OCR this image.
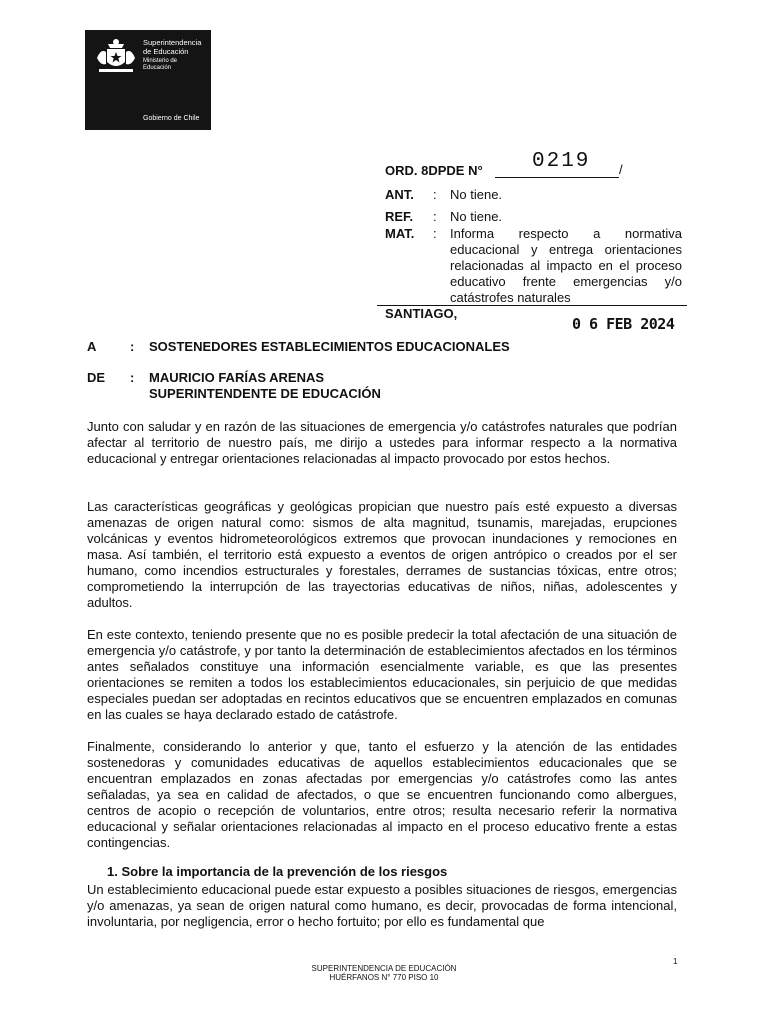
Superintendencia
de Educación
Ministerio de Educación
Gobierno de Chile
ORD. 8DPDE N° 0219 /
ANT. : No tiene.
REF. : No tiene.
MAT. : Informa respecto a normativa educacional y entrega orientaciones relacionadas al impacto en el proceso educativo frente emergencias y/o catástrofes naturales
SANTIAGO,
0 6 FEB 2024
A	: SOSTENEDORES ESTABLECIMIENTOS EDUCACIONALES
DE : MAURICIO FARÍAS ARENAS
SUPERINTENDENTE DE EDUCACIÓN

Junto con saludar y en razón de las situaciones de emergencia y/o catástrofes naturales que podrían afectar al territorio de nuestro país, me dirijo a ustedes para informar respecto a la normativa educacional y entregar orientaciones relacionadas al impacto provocado por estos hechos.

Las características geográficas y geológicas propician que nuestro país esté expuesto a diversas amenazas de origen natural como: sismos de alta magnitud, tsunamis, marejadas, erupciones volcánicas y eventos hidrometeorológicos extremos que provocan inundaciones y remociones en masa. Así también, el territorio está expuesto a eventos de origen antrópico o creados por el ser humano, como incendios estructurales y forestales, derrames de sustancias tóxicas, entre otros; comprometiendo la interrupción de las trayectorias educativas de niños, niñas, adolescentes y adultos.

En este contexto, teniendo presente que no es posible predecir la total afectación de una situación de emergencia y/o catástrofe, y por tanto la determinación de establecimientos afectados en los términos antes señalados constituye una información esencialmente variable, es que las presentes orientaciones se remiten a todos los establecimientos educacionales, sin perjuicio de que medidas especiales puedan ser adoptadas en recintos educativos que se encuentren emplazados en comunas en las cuales se haya declarado estado de catástrofe.

Finalmente, considerando lo anterior y que, tanto el esfuerzo y la atención de las entidades sostenedoras y comunidades educativas de aquellos establecimientos educacionales que se encuentran emplazados en zonas afectadas por emergencias y/o catástrofes como las antes señaladas, ya sea en calidad de afectados, o que se encuentren funcionando como albergues, centros de acopio o recepción de voluntarios, entre otros; resulta necesario referir la normativa educacional y señalar orientaciones relacionadas al impacto en el proceso educativo frente a estas contingencias.

1. Sobre la importancia de la prevención de los riesgos

Un establecimiento educacional puede estar expuesto a posibles situaciones de riesgos, emergencias y/o amenazas, ya sean de origen natural como humano, es decir, provocadas de forma intencional, involuntaria, por negligencia, error o hecho fortuito; por ello es fundamental que

1
SUPERINTENDENCIA DE EDUCACIÓN
HUÉRFANOS N° 770 PISO 10
